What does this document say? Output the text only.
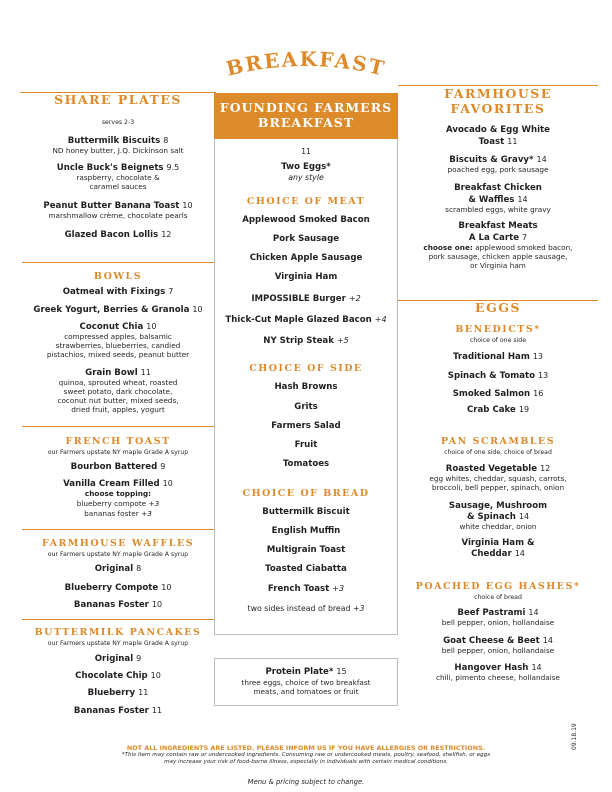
BREAKFAST
SHARE PLATES
serves 2-3
Buttermilk Biscuits 8
ND honey butter, J.Q. Dickinson salt
Uncle Buck's Beignets 9.5
raspberry, chocolate &
caramel sauces
Peanut Butter Banana Toast 10
marshmallow crème, chocolate pearls
Glazed Bacon Lollis 12
BOWLS
Oatmeal with Fixings 7
Greek Yogurt, Berries & Granola 10
Coconut Chia 10
compressed apples, balsamic
strawberries, blueberries, candied
pistachios, mixed seeds, peanut butter
Grain Bowl 11
quinoa, sprouted wheat, roasted
sweet potato, dark chocolate,
coconut nut butter, mixed seeds,
dried fruit, apples, yogurt
FRENCH TOAST
our Farmers upstate NY maple Grade A syrup
Bourbon Battered 9
Vanilla Cream Filled 10
choose topping:
blueberry compote +3
bananas foster +3
FARMHOUSE WAFFLES
our Farmers upstate NY maple Grade A syrup
Original 8
Blueberry Compote 10
Bananas Foster 10
BUTTERMILK PANCAKES
our Farmers upstate NY maple Grade A syrup
Original 9
Chocolate Chip 10
Blueberry 11
Bananas Foster 11
FOUNDING FARMERS
BREAKFAST
11
Two Eggs*
any style
CHOICE OF MEAT
Applewood Smoked Bacon
Pork Sausage
Chicken Apple Sausage
Virginia Ham
IMPOSSIBLE Burger +2
Thick-Cut Maple Glazed Bacon +4
NY Strip Steak +5
CHOICE OF SIDE
Hash Browns
Grits
Farmers Salad
Fruit
Tomatoes
CHOICE OF BREAD
Buttermilk Biscuit
English Muffin
Multigrain Toast
Toasted Ciabatta
French Toast +3
two sides instead of bread +3
Protein Plate* 15
three eggs, choice of two breakfast
meats, and tomatoes or fruit
FARMHOUSE
FAVORITES
Avocado & Egg White
Toast 11
Biscuits & Gravy* 14
poached egg, pork sausage
Breakfast Chicken
& Waffles 14
scrambled eggs, white gravy
Breakfast Meats
A La Carte 7
choose one: applewood smoked bacon,
pork sausage, chicken apple sausage,
or Virginia ham
EGGS
BENEDICTS*
choice of one side
Traditional Ham 13
Spinach & Tomato 13
Smoked Salmon 16
Crab Cake 19
PAN SCRAMBLES
choice of one side, choice of bread
Roasted Vegetable 12
egg whites, cheddar, squash, carrots,
broccoli, bell pepper, spinach, onion
Sausage, Mushroom
& Spinach 14
white cheddar, onion
Virginia Ham &
Cheddar 14
POACHED EGG HASHES*
choice of bread
Beef Pastrami 14
bell pepper, onion, hollandaise
Goat Cheese & Beet 14
bell pepper, onion, hollandaise
Hangover Hash 14
chili, pimento cheese, hollandaise
NOT ALL INGREDIENTS ARE LISTED. PLEASE INFORM US IF YOU HAVE ALLERGIES OR RESTRICTIONS.
*This item may contain raw or undercooked ingredients. Consuming raw or undercooked meats, poultry, seafood, shellfish, or eggs
may increase your risk of food-borne illness, especially in individuals with certain medical conditions.
Menu & pricing subject to change.
09.18.19
